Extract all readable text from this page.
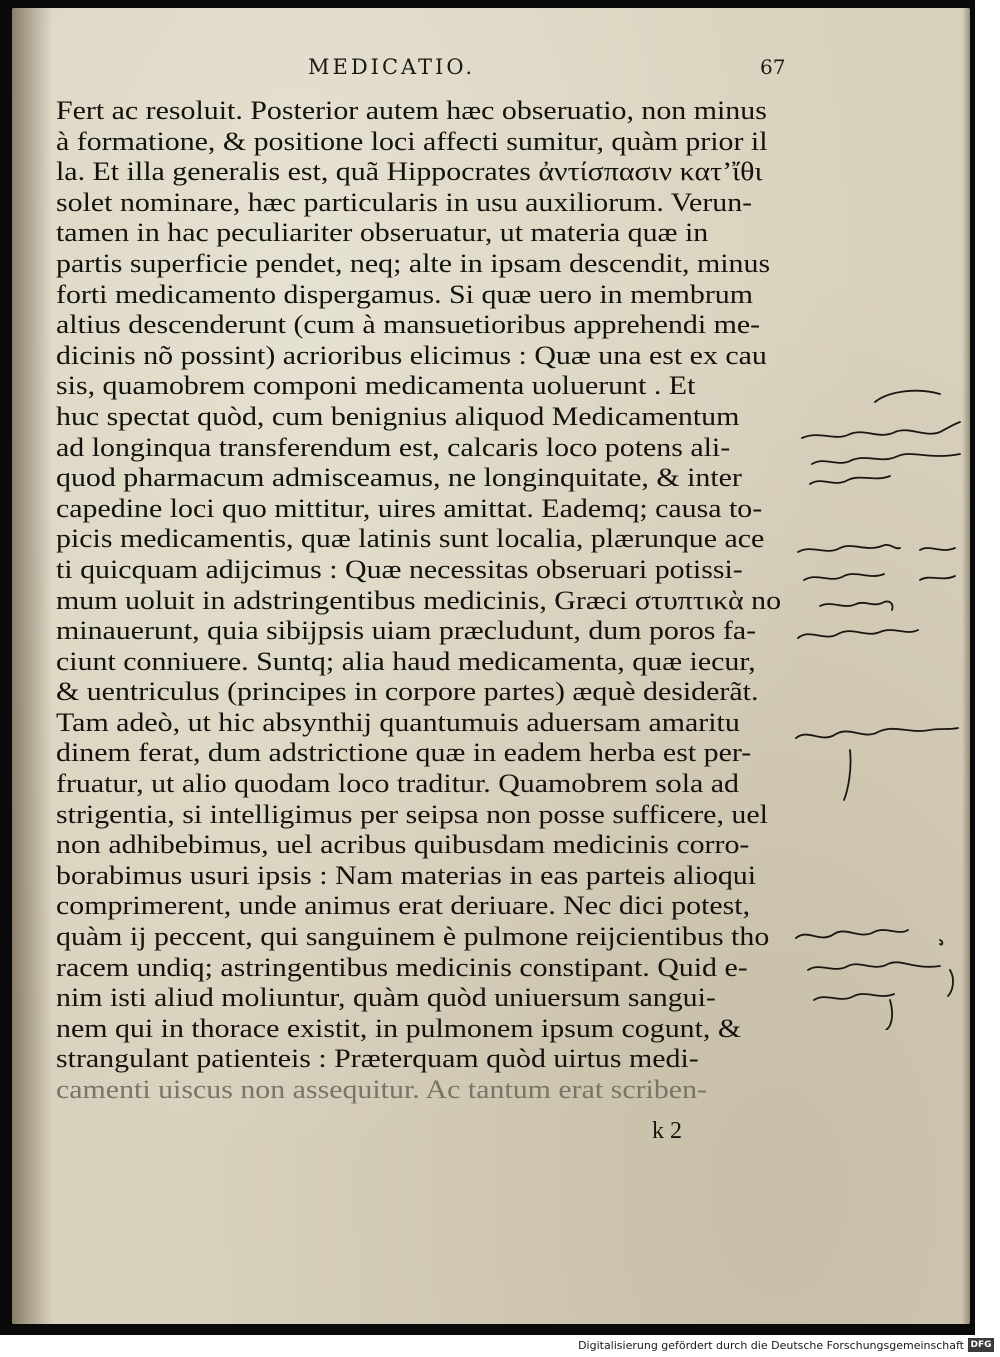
MEDICATIO.	67
Fert ac resoluit. Posterior autem hæc obseruatio, non minus
à formatione, & positione loci affecti sumitur, quàm prior il
la. Et illa generalis est, quã Hippocrates ἀντίσπασιν κατ’ἴθι
solet nominare, hæc particularis in usu auxiliorum. Verun-
tamen in hac peculiariter obseruatur, ut materia quæ in
partis superficie pendet, neq; alte in ipsam descendit, minus
forti medicamento dispergamus. Si quæ uero in membrum
altius descenderunt (cum à mansuetioribus apprehendi me-
dicinis nõ possint) acrioribus elicimus : Quæ una est ex cau
sis, quamobrem componi medicamenta uoluerunt . Et
huc spectat quòd, cum benignius aliquod Medicamentum
ad longinqua transferendum est, calcaris loco potens ali-
quod pharmacum admisceamus, ne longinquitate, & inter
capedine loci quo mittitur, uires amittat. Eademq; causa to-
picis medicamentis, quæ latinis sunt localia, plærunque ace
ti quicquam adijcimus : Quæ necessitas obseruari potissi-
mum uoluit in adstringentibus medicinis, Græci στυπτικὰ no
minauerunt, quia sibijpsis uiam præcludunt, dum poros fa-
ciunt conniuere. Suntq; alia haud medicamenta, quæ iecur,
& uentriculus (principes in corpore partes) æquè desiderãt.
Tam adeò, ut hic absynthij quantumuis aduersam amaritu
dinem ferat, dum adstrictione quæ in eadem herba est per-
fruatur, ut alio quodam loco traditur. Quamobrem sola ad
strigentia, si intelligimus per seipsa non posse sufficere, uel
non adhibebimus, uel acribus quibusdam medicinis corro-
borabimus usuri ipsis : Nam materias in eas parteis alioqui
comprimerent, unde animus erat deriuare. Nec dici potest,
quàm ij peccent, qui sanguinem è pulmone reijcientibus tho
racem undiq; astringentibus medicinis constipant. Quid e-
nim isti aliud moliuntur, quàm quòd uniuersum sangui-
nem qui in thorace existit, in pulmonem ipsum cogunt, &
strangulant patienteis : Præterquam quòd uirtus medi-
camenti uiscus non assequitur. Ac tantum erat scriben-
k 2
Digitalisierung gefördert durch die Deutsche Forschungsgemeinschaft DFG
